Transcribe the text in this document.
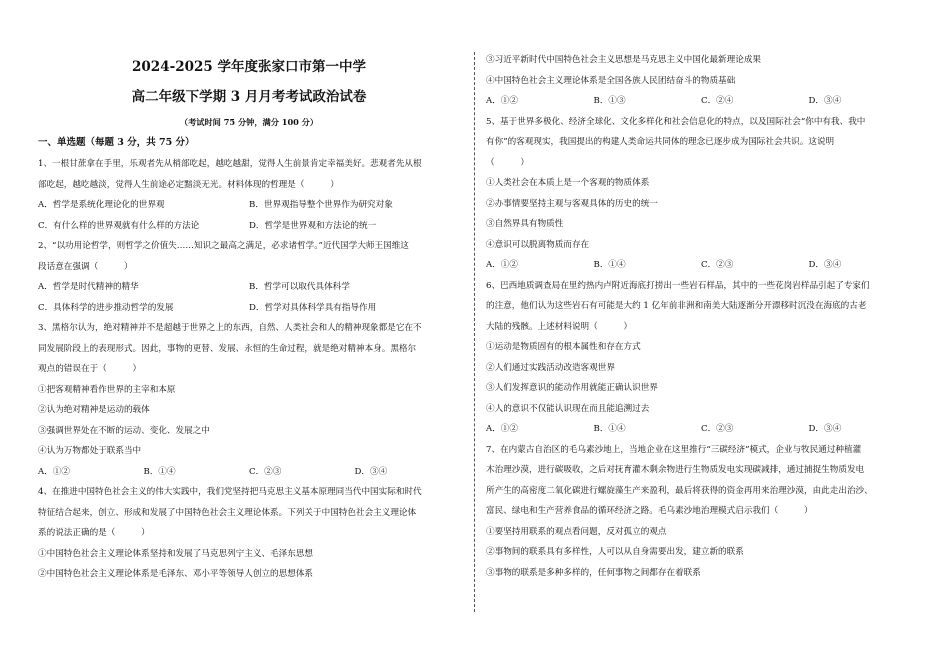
2024-2025 学年度张家口市第一中学

高二年级下学期 3 月月考考试政治试卷

（考试时间 75 分钟，满分 100 分）

一、单选题（每题 3 分，共 75 分）

1、一根甘蔗拿在手里，乐观者先从梢部吃起，越吃越甜，觉得人生前景肯定幸福美好。悲观者先从根

部吃起，越吃越淡，觉得人生前途必定黯淡无光。材料体现的哲理是（　　　）

A．哲学是系统化理论化的世界观	B．世界观指导整个世界作为研究对象

C．有什么样的世界观就有什么样的方法论	D．哲学是世界观和方法论的统一

2、“以功用论哲学，则哲学之价值失……知识之最高之满足，必求诸哲学。”近代国学大师王国维这

段话意在强调（　　　）

A．哲学是时代精神的精华	B．哲学可以取代具体科学

C．具体科学的进步推动哲学的发展	D．哲学对具体科学具有指导作用

3、黑格尔认为，绝对精神并不是超越于世界之上的东西，自然、人类社会和人的精神现象都是它在不

同发展阶段上的表现形式。因此，事物的更替、发展、永恒的生命过程，就是绝对精神本身。黑格尔

观点的错误在于（　　　）

①把客观精神看作世界的主宰和本原

②认为绝对精神是运动的载体

③强调世界处在不断的运动、变化、发展之中

④认为万物都处于联系当中

A．①②	B．①④	C．②③	D．③④

4、在推进中国特色社会主义的伟大实践中，我们党坚持把马克思主义基本原理同当代中国实际和时代

特征结合起来，创立、形成和发展了中国特色社会主义理论体系。下列关于中国特色社会主义理论体

系的说法正确的是（　　　）

①中国特色社会主义理论体系坚持和发展了马克思列宁主义、毛泽东思想

②中国特色社会主义理论体系是毛泽东、邓小平等领导人创立的思想体系

③习近平新时代中国特色社会主义思想是马克思主义中国化最新理论成果

④中国特色社会主义理论体系是全国各族人民团结奋斗的物质基础

A．①②	B．①③	C．②④	D．③④

5、基于世界多极化、经济全球化、文化多样化和社会信息化的特点，以及国际社会“你中有我、我中

有你”的客观现实，我国提出的构建人类命运共同体的理念已逐步成为国际社会共识。这说明

（　　　）

①人类社会在本质上是一个客观的物质体系

②办事情要坚持主观与客观具体的历史的统一

③自然界具有物质性

④意识可以脱离物质而存在

A．①②	B．①④	C．②③	D．③④

6、巴西地质调查局在里约热内卢附近海底打捞出一些岩石样品，其中的一些花岗岩样品引起了专家们

的注意，他们认为这些岩石有可能是大约 1 亿年前非洲和南美大陆逐渐分开漂移时沉没在海底的古老

大陆的残骸。上述材料说明（　　　）

①运动是物质固有的根本属性和存在方式

②人们通过实践活动改造客观世界

③人们发挥意识的能动作用就能正确认识世界

④人的意识不仅能认识现在而且能追溯过去

A．①②	B．①④	C．②③	D．③④

7、在内蒙古自治区的毛乌素沙地上，当地企业在这里推行“三碳经济”模式，企业与牧民通过种植灌

木治理沙漠，进行碳吸收，之后对抚育灌木剩余物进行生物质发电实现碳减排，通过捕捉生物质发电

所产生的高密度二氧化碳进行螺旋藻生产来盈利，最后将获得的资金再用来治理沙漠，由此走出治沙、

富民、绿电和生产营养食品的循环经济之路。毛乌素沙地治理模式启示我们（　　　）

①要坚持用联系的观点看问题，反对孤立的观点

②事物间的联系具有多样性，人可以从自身需要出发，建立新的联系

③事物的联系是多种多样的，任何事物之间都存在着联系
